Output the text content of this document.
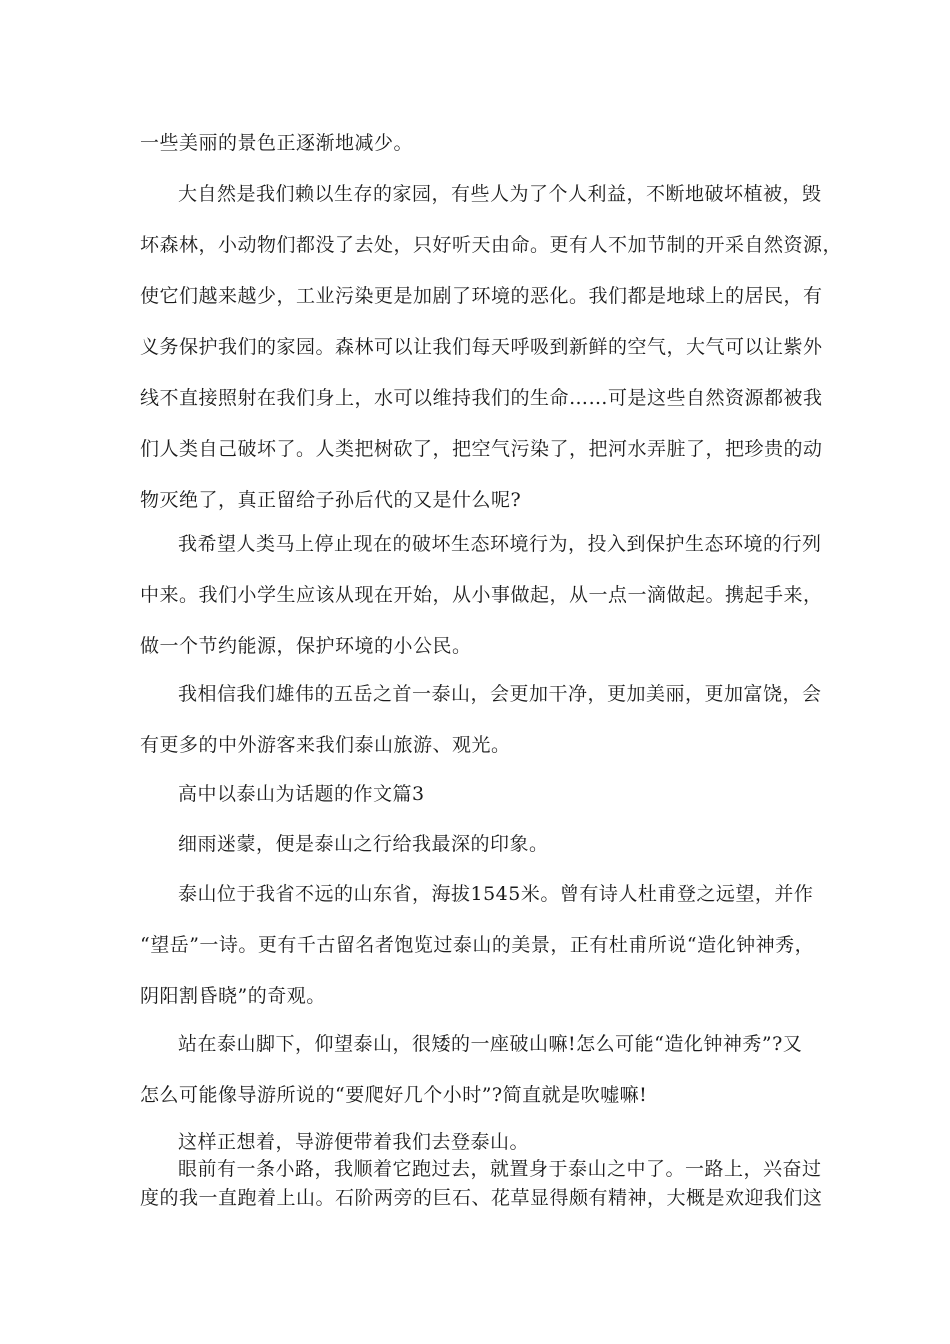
一些美丽的景色正逐渐地减少。

大自然是我们赖以生存的家园，有些人为了个人利益，不断地破坏植被，毁
坏森林，小动物们都没了去处，只好听天由命。更有人不加节制的开采自然资源，
使它们越来越少，工业污染更是加剧了环境的恶化。我们都是地球上的居民，有
义务保护我们的家园。森林可以让我们每天呼吸到新鲜的空气，大气可以让紫外
线不直接照射在我们身上，水可以维持我们的生命……可是这些自然资源都被我
们人类自己破坏了。人类把树砍了，把空气污染了，把河水弄脏了，把珍贵的动
物灭绝了，真正留给子孙后代的又是什么呢?

我希望人类马上停止现在的破坏生态环境行为，投入到保护生态环境的行列
中来。我们小学生应该从现在开始，从小事做起，从一点一滴做起。携起手来，
做一个节约能源，保护环境的小公民。

我相信我们雄伟的五岳之首一泰山，会更加干净，更加美丽，更加富饶，会
有更多的中外游客来我们泰山旅游、观光。

高中以泰山为话题的作文篇3

细雨迷蒙，便是泰山之行给我最深的印象。

泰山位于我省不远的山东省，海拔1545米。曾有诗人杜甫登之远望，并作
“望岳”一诗。更有千古留名者饱览过泰山的美景，正有杜甫所说“造化钟神秀，
阴阳割昏晓”的奇观。

站在泰山脚下，仰望泰山，很矮的一座破山嘛!怎么可能“造化钟神秀”?又
怎么可能像导游所说的“要爬好几个小时”?简直就是吹嘘嘛!

这样正想着，导游便带着我们去登泰山。

眼前有一条小路，我顺着它跑过去，就置身于泰山之中了。一路上，兴奋过
度的我一直跑着上山。石阶两旁的巨石、花草显得颇有精神，大概是欢迎我们这
